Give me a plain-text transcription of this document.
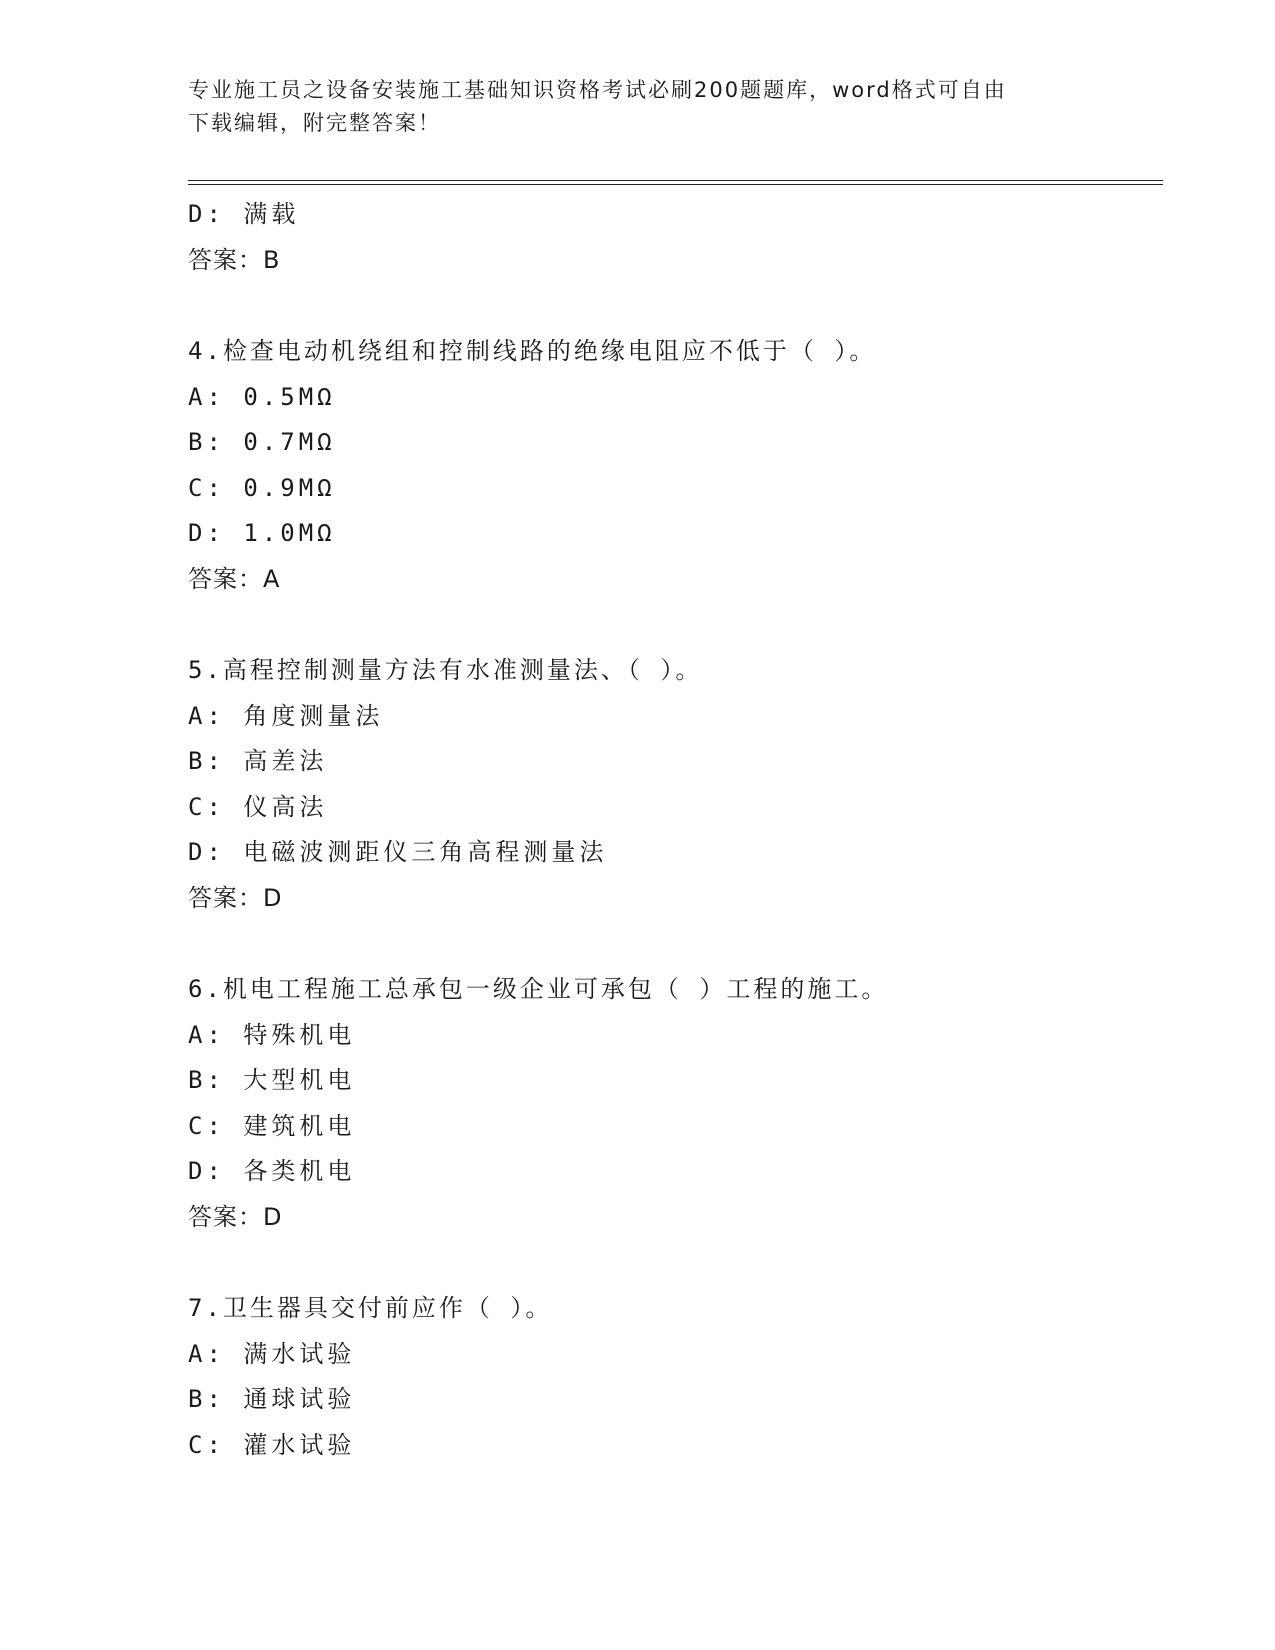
专业施工员之设备安装施工基础知识资格考试必刷200题题库，word格式可自由
下载编辑，附完整答案！
D: 满载
答案：B
4.检查电动机绕组和控制线路的绝缘电阻应不低于（ ）。
A: 0.5MΩ
B: 0.7MΩ
C: 0.9MΩ
D: 1.0MΩ
答案：A
5.高程控制测量方法有水准测量法、（ ）。
A: 角度测量法
B: 高差法
C: 仪高法
D: 电磁波测距仪三角高程测量法
答案：D
6.机电工程施工总承包一级企业可承包（ ）工程的施工。
A: 特殊机电
B: 大型机电
C: 建筑机电
D: 各类机电
答案：D
7.卫生器具交付前应作（ ）。
A: 满水试验
B: 通球试验
C: 灌水试验
